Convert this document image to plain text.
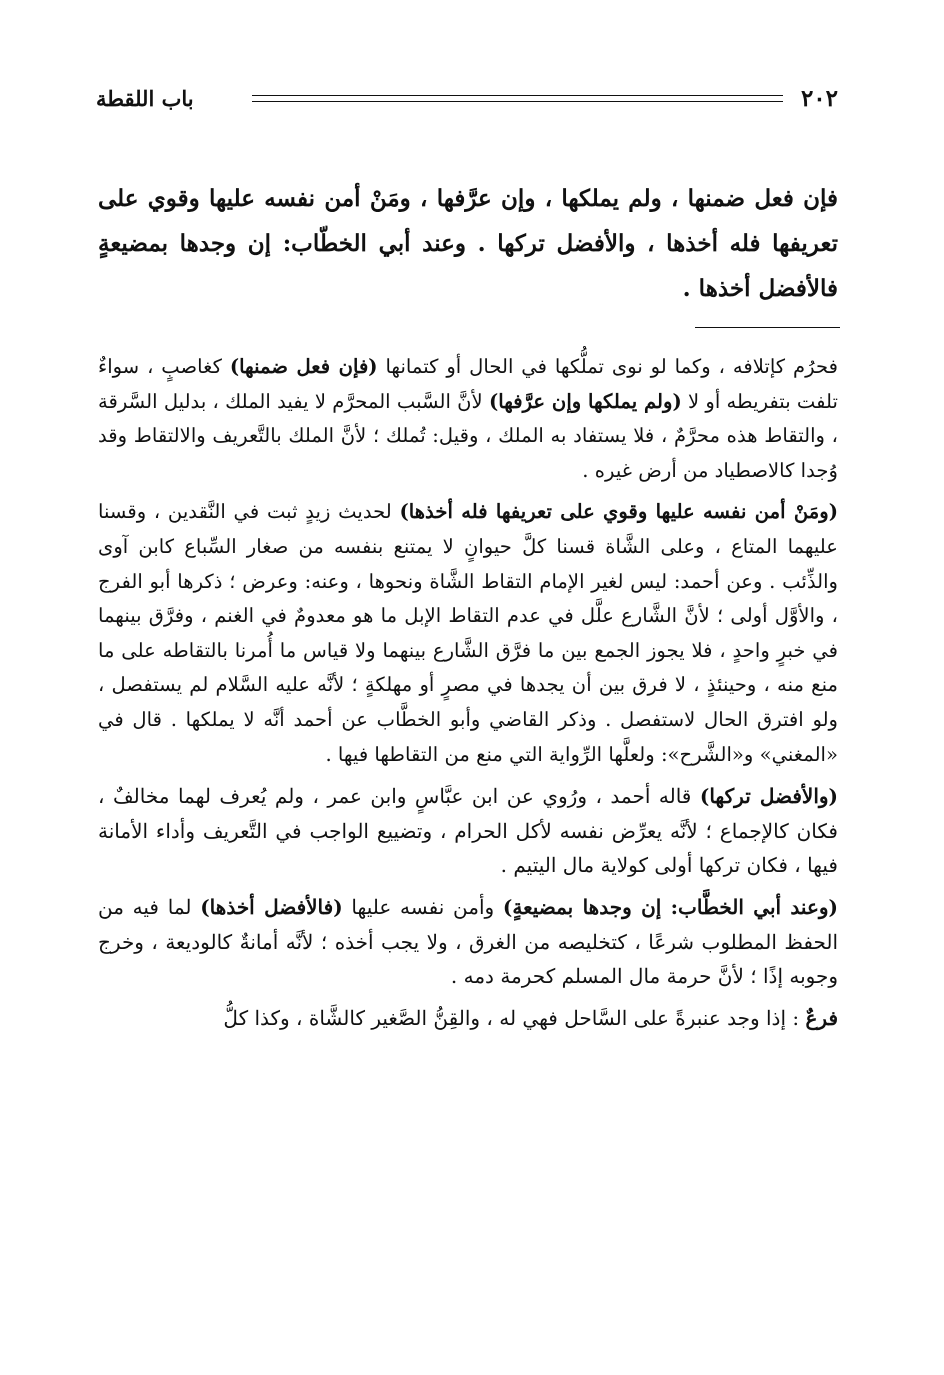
باب اللقطة	٢٠٢
فإن فعل ضمنها ، ولم يملكها ، وإن عرَّفها ، ومَنْ أمن نفسه عليها وقوي على تعريفها فله أخذها ، والأفضل تركها . وعند أبي الخطّاب: إن وجدها بمضيعةٍ فالأفضل أخذها .

فحرُم كإتلافه ، وكما لو نوى تملُّكها في الحال أو كتمانها (فإن فعل ضمنها) كغاصبٍ ، سواءٌ تلفت بتفريطه أو لا (ولم يملكها وإن عرَّفها) لأنَّ السَّبب المحرَّم لا يفيد الملك ، بدليل السَّرقة ، والتقاط هذه محرَّمٌ ، فلا يستفاد به الملك ، وقيل: تُملك ؛ لأنَّ الملك بالتَّعريف والالتقاط وقد وُجدا كالاصطياد من أرض غيره .

(ومَنْ أمن نفسه عليها وقوي على تعريفها فله أخذها) لحديث زيدٍ ثبت في النَّقدين ، وقسنا عليهما المتاع ، وعلى الشَّاة قسنا كلَّ حيوانٍ لا يمتنع بنفسه من صغار السِّباع كابن آوى والذِّئب . وعن أحمد: ليس لغير الإمام التقاط الشَّاة ونحوها ، وعنه: وعرض ؛ ذكرها أبو الفرج ، والأوَّل أولى ؛ لأنَّ الشَّارع علَّل في عدم التقاط الإبل ما هو معدومٌ في الغنم ، وفرَّق بينهما في خبرٍ واحدٍ ، فلا يجوز الجمع بين ما فرَّق الشَّارع بينهما ولا قياس ما أُمرنا بالتقاطه على ما منع منه ، وحينئذٍ ، لا فرق بين أن يجدها في مصرٍ أو مهلكةٍ ؛ لأنَّه عليه السَّلام لم يستفصل ، ولو افترق الحال لاستفصل . وذكر القاضي وأبو الخطَّاب عن أحمد أنَّه لا يملكها . قال في «المغني» و«الشَّرح»: ولعلَّها الرِّواية التي منع من التقاطها فيها .

(والأفضل تركها) قاله أحمد ، ورُوي عن ابن عبَّاسٍ وابن عمر ، ولم يُعرف لهما مخالفٌ ، فكان كالإجماع ؛ لأنَّه يعرِّض نفسه لأكل الحرام ، وتضييع الواجب في التَّعريف وأداء الأمانة فيها ، فكان تركها أولى كولاية مال اليتيم .

(وعند أبي الخطَّاب: إن وجدها بمضيعةٍ) وأمن نفسه عليها (فالأفضل أخذها) لما فيه من الحفظ المطلوب شرعًا ، كتخليصه من الغرق ، ولا يجب أخذه ؛ لأنَّه أمانةٌ كالوديعة ، وخرج وجوبه إذًا ؛ لأنَّ حرمة مال المسلم كحرمة دمه .

فرعٌ : إذا وجد عنبرةً على السَّاحل فهي له ، والقِنُّ الصَّغير كالشَّاة ، وكذا كلُّ
